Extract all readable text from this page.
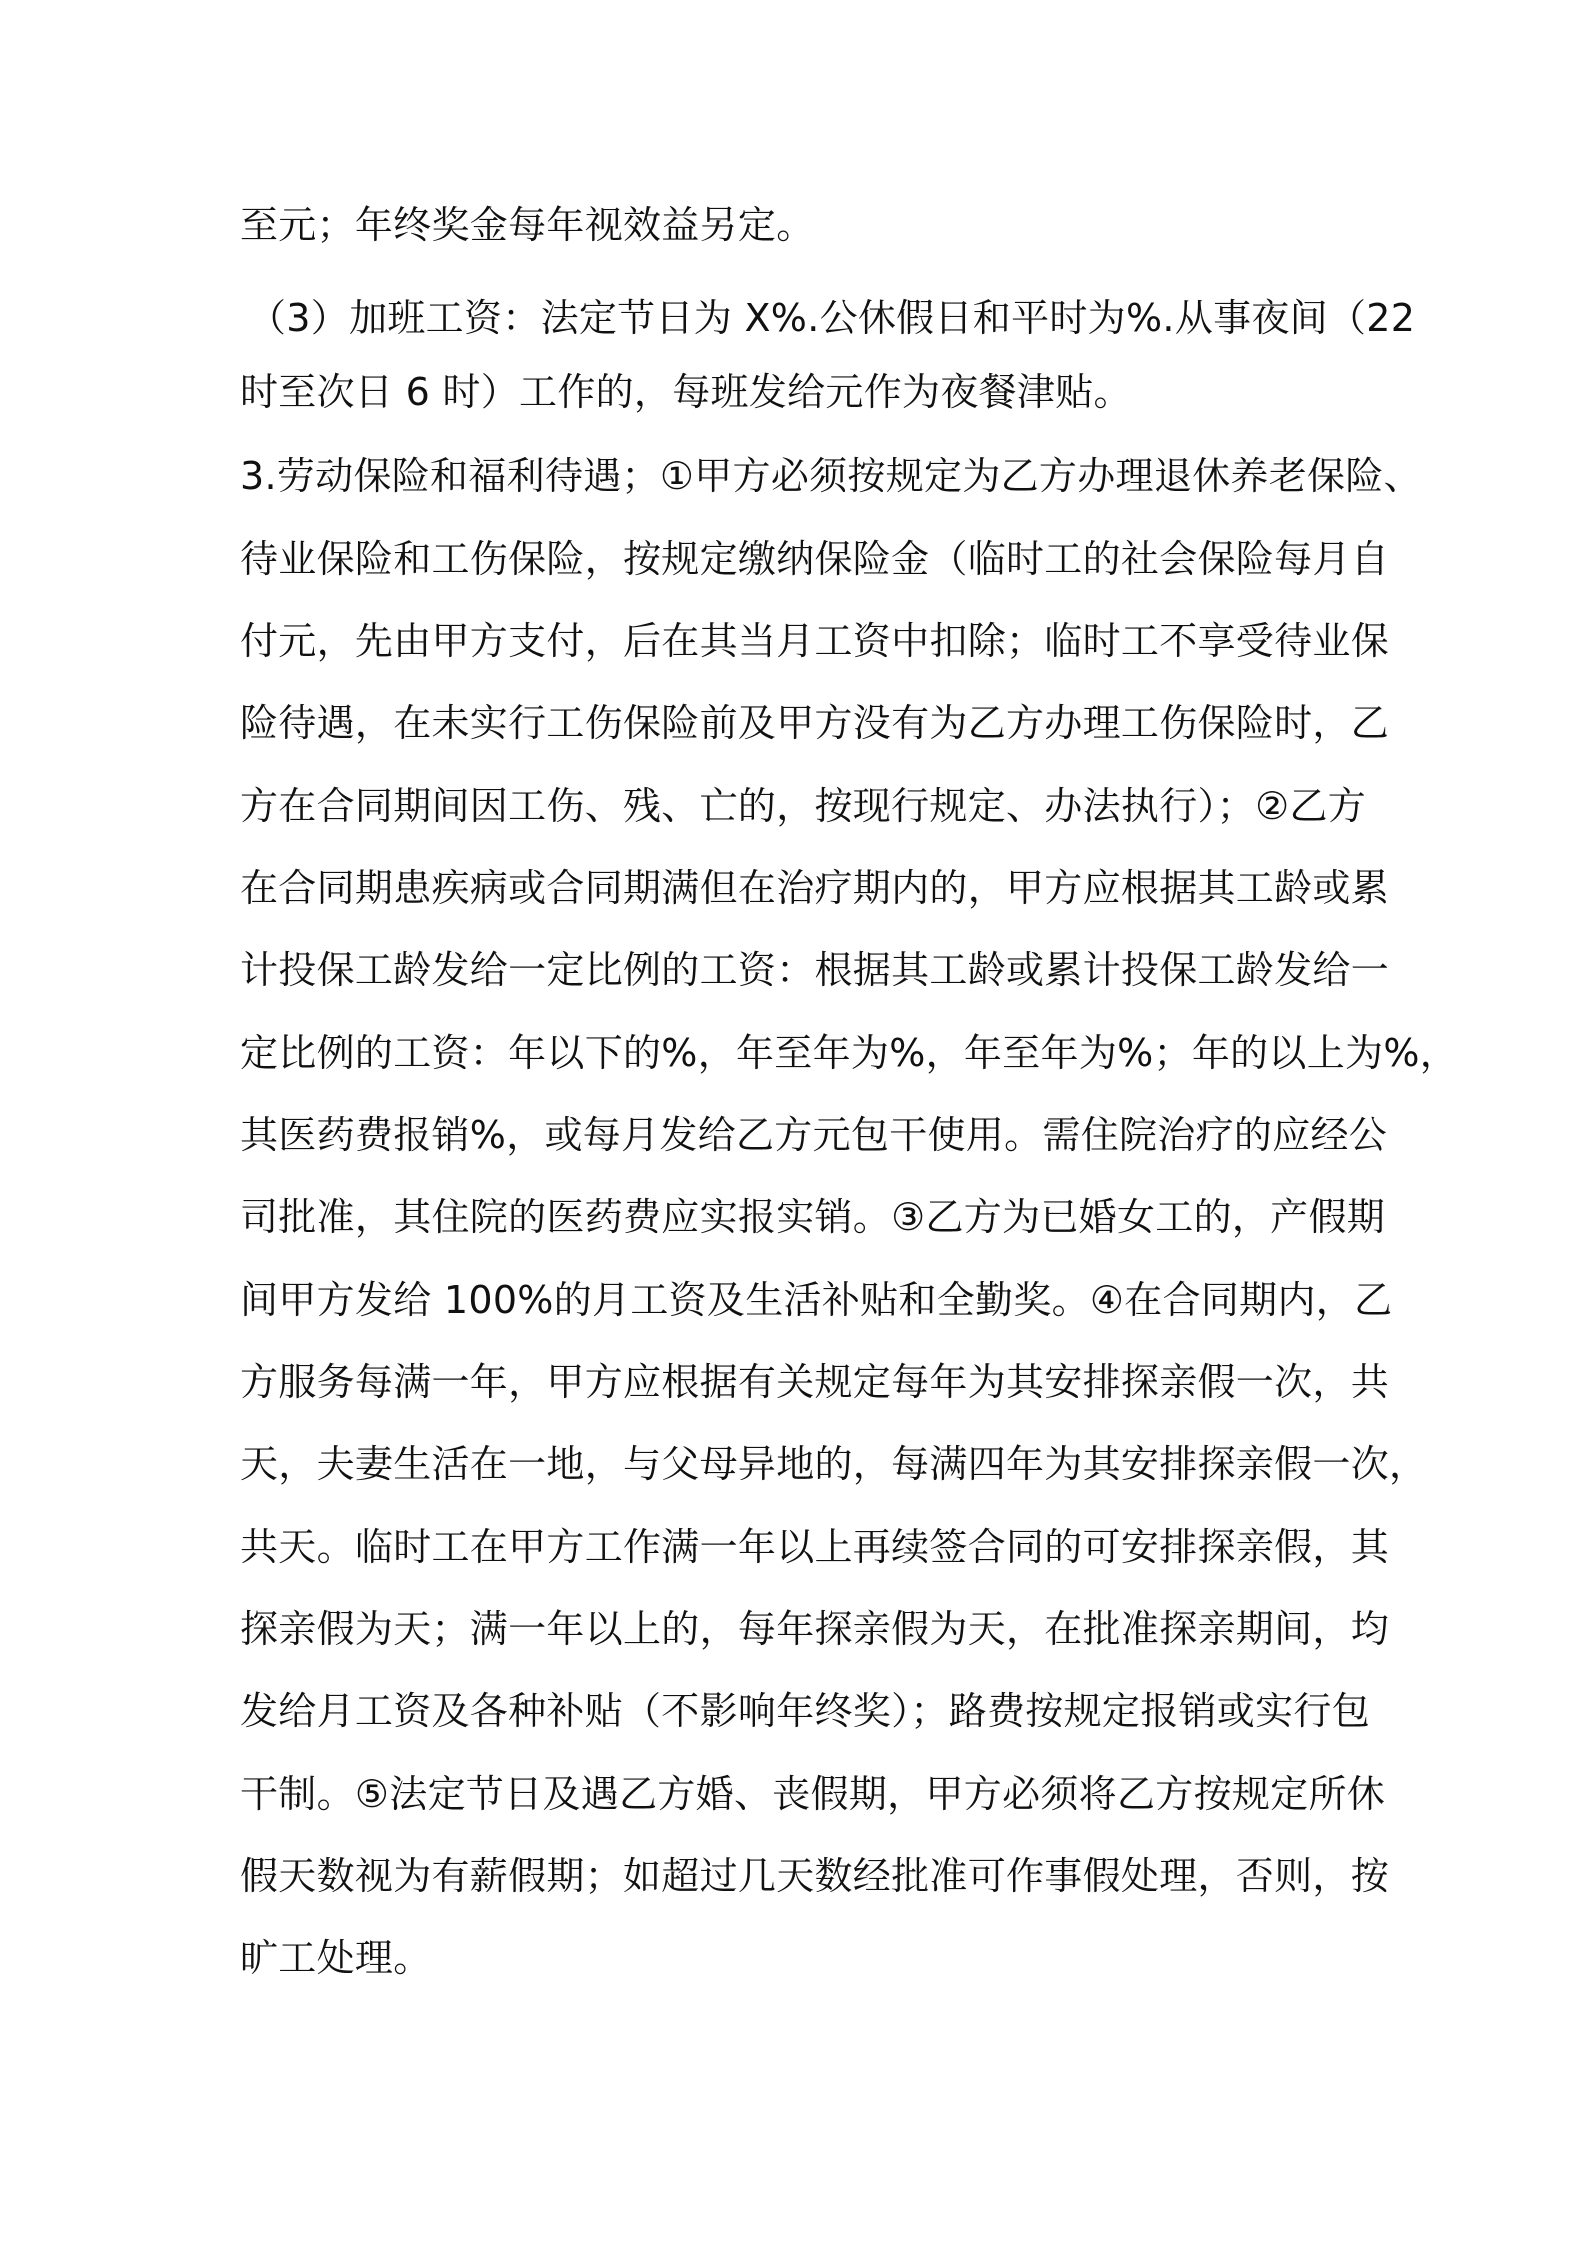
至元；年终奖金每年视效益另定。
（3）加班工资：法定节日为 X%.公休假日和平时为%.从事夜间（22
时至次日 6 时）工作的，每班发给元作为夜餐津贴。
3.劳动保险和福利待遇；①甲方必须按规定为乙方办理退休养老保险、
待业保险和工伤保险，按规定缴纳保险金（临时工的社会保险每月自
付元，先由甲方支付，后在其当月工资中扣除；临时工不享受待业保
险待遇，在未实行工伤保险前及甲方没有为乙方办理工伤保险时，乙
方在合同期间因工伤、残、亡的，按现行规定、办法执行）；②乙方
在合同期患疾病或合同期满但在治疗期内的，甲方应根据其工龄或累
计投保工龄发给一定比例的工资：根据其工龄或累计投保工龄发给一
定比例的工资：年以下的%，年至年为%，年至年为%；年的以上为%，
其医药费报销%，或每月发给乙方元包干使用。需住院治疗的应经公
司批准，其住院的医药费应实报实销。③乙方为已婚女工的，产假期
间甲方发给 100%的月工资及生活补贴和全勤奖。④在合同期内，乙
方服务每满一年，甲方应根据有关规定每年为其安排探亲假一次，共
天，夫妻生活在一地，与父母异地的，每满四年为其安排探亲假一次，
共天。临时工在甲方工作满一年以上再续签合同的可安排探亲假，其
探亲假为天；满一年以上的，每年探亲假为天，在批准探亲期间，均
发给月工资及各种补贴（不影响年终奖）；路费按规定报销或实行包
干制。⑤法定节日及遇乙方婚、丧假期，甲方必须将乙方按规定所休
假天数视为有薪假期；如超过几天数经批准可作事假处理，否则，按
旷工处理。
